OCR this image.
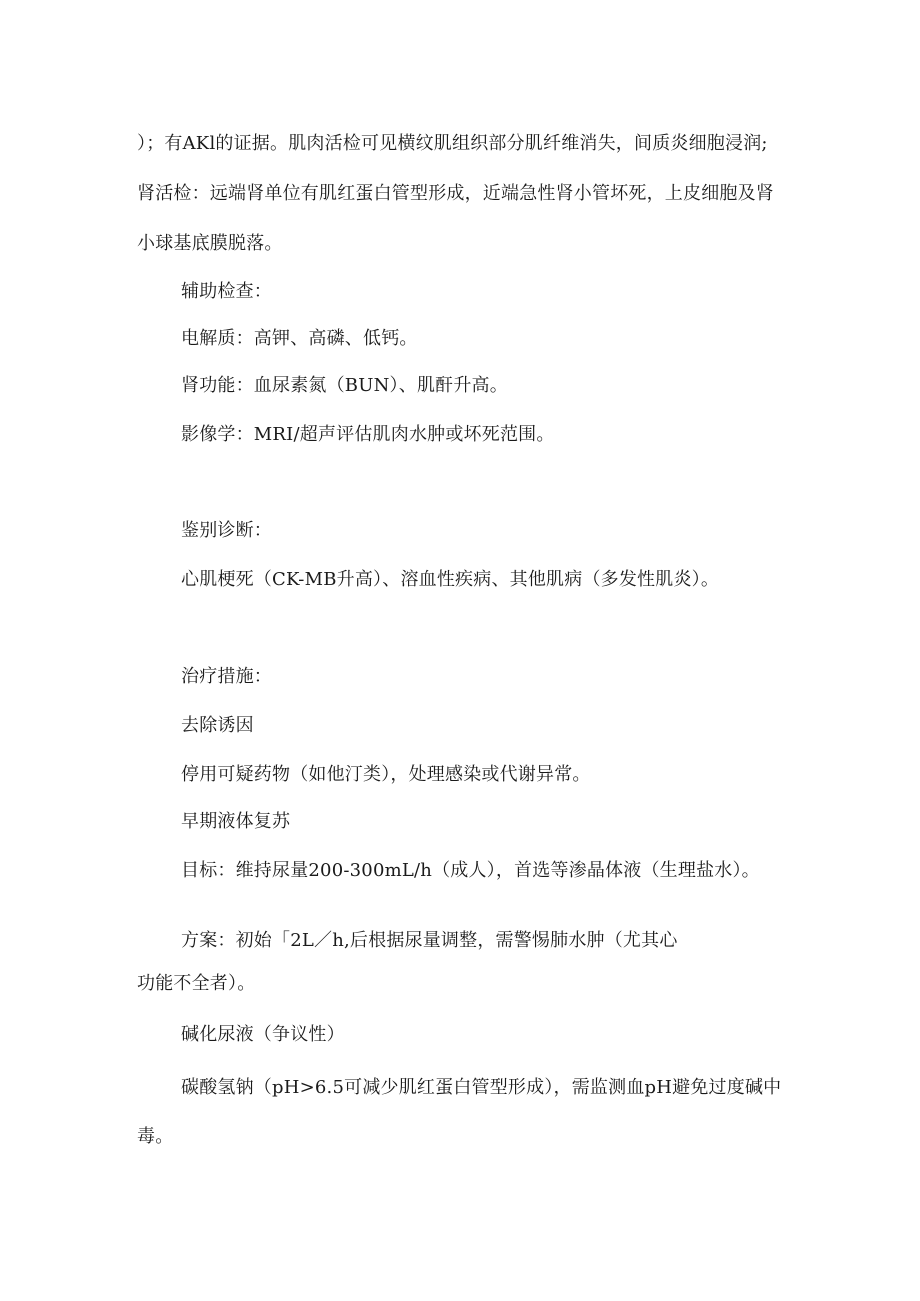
）；有AKl的证据。肌肉活检可见横纹肌组织部分肌纤维消失，间质炎细胞浸润;
肾活检：远端肾单位有肌红蛋白管型形成，近端急性肾小管坏死，上皮细胞及肾
小球基底膜脱落。
辅助检查：
电解质：高钾、高磷、低钙。
肾功能：血尿素氮（BUN）、肌酐升高。
影像学：MRI/超声评估肌肉水肿或坏死范围。
鉴别诊断：
心肌梗死（CK-MB升高）、溶血性疾病、其他肌病（多发性肌炎）。
治疗措施：
去除诱因
停用可疑药物（如他汀类），处理感染或代谢异常。
早期液体复苏
目标：维持尿量200-300mL/h（成人），首选等渗晶体液（生理盐水）。
方案：初始「2L／h,后根据尿量调整，需警惕肺水肿（尤其心
功能不全者）。
碱化尿液（争议性）
碳酸氢钠（pH>6.5可减少肌红蛋白管型形成），需监测血pH避免过度碱中
毒。
